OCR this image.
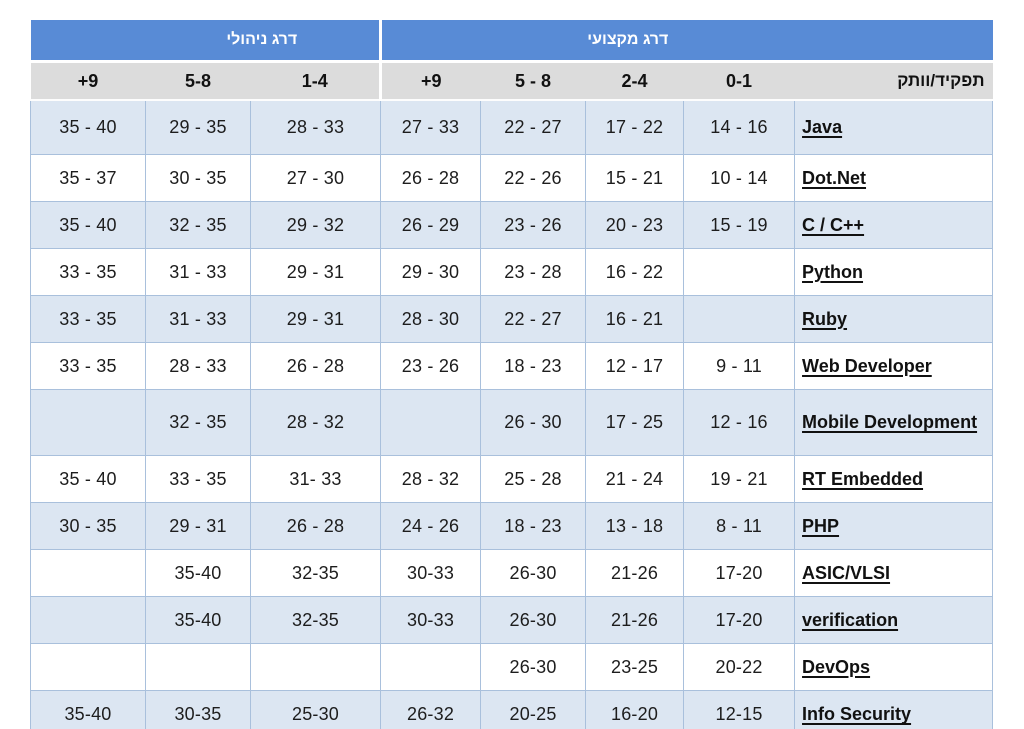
דרג ניהולי			דרג מקצועי				
+9	5-8	1-4	+9	5 - 8	2-4	0-1	תפקיד/וותק
35 - 40	29 - 35	28 - 33	27 - 33	22 - 27	17 - 22	14 - 16	Java
35 - 37	30 - 35	27 - 30	26 - 28	22 - 26	15 - 21	10 - 14	Dot.Net
35 - 40	32 - 35	29 - 32	26 - 29	23 - 26	20 - 23	15 - 19	C / C++
33 - 35	31 - 33	29 - 31	29 - 30	23 - 28	16 - 22		Python
33 - 35	31 - 33	29 - 31	28 - 30	22 - 27	16 - 21		Ruby
33 - 35	28 - 33	26 - 28	23 - 26	18 - 23	12 - 17	9 - 11	Web Developer
	32 - 35	28 - 32		26 - 30	17 - 25	12 - 16	Mobile Development
35 - 40	33 - 35	31- 33	28 - 32	25 - 28	21 - 24	19 - 21	RT Embedded
30 - 35	29 - 31	26 - 28	24 - 26	18 - 23	13 - 18	8 - 11	PHP
	35-40	32-35	30-33	26-30	21-26	17-20	ASIC/VLSI
	35-40	32-35	30-33	26-30	21-26	17-20	verification
				26-30	23-25	20-22	DevOps
35-40	30-35	25-30	26-32	20-25	16-20	12-15	Info Security
